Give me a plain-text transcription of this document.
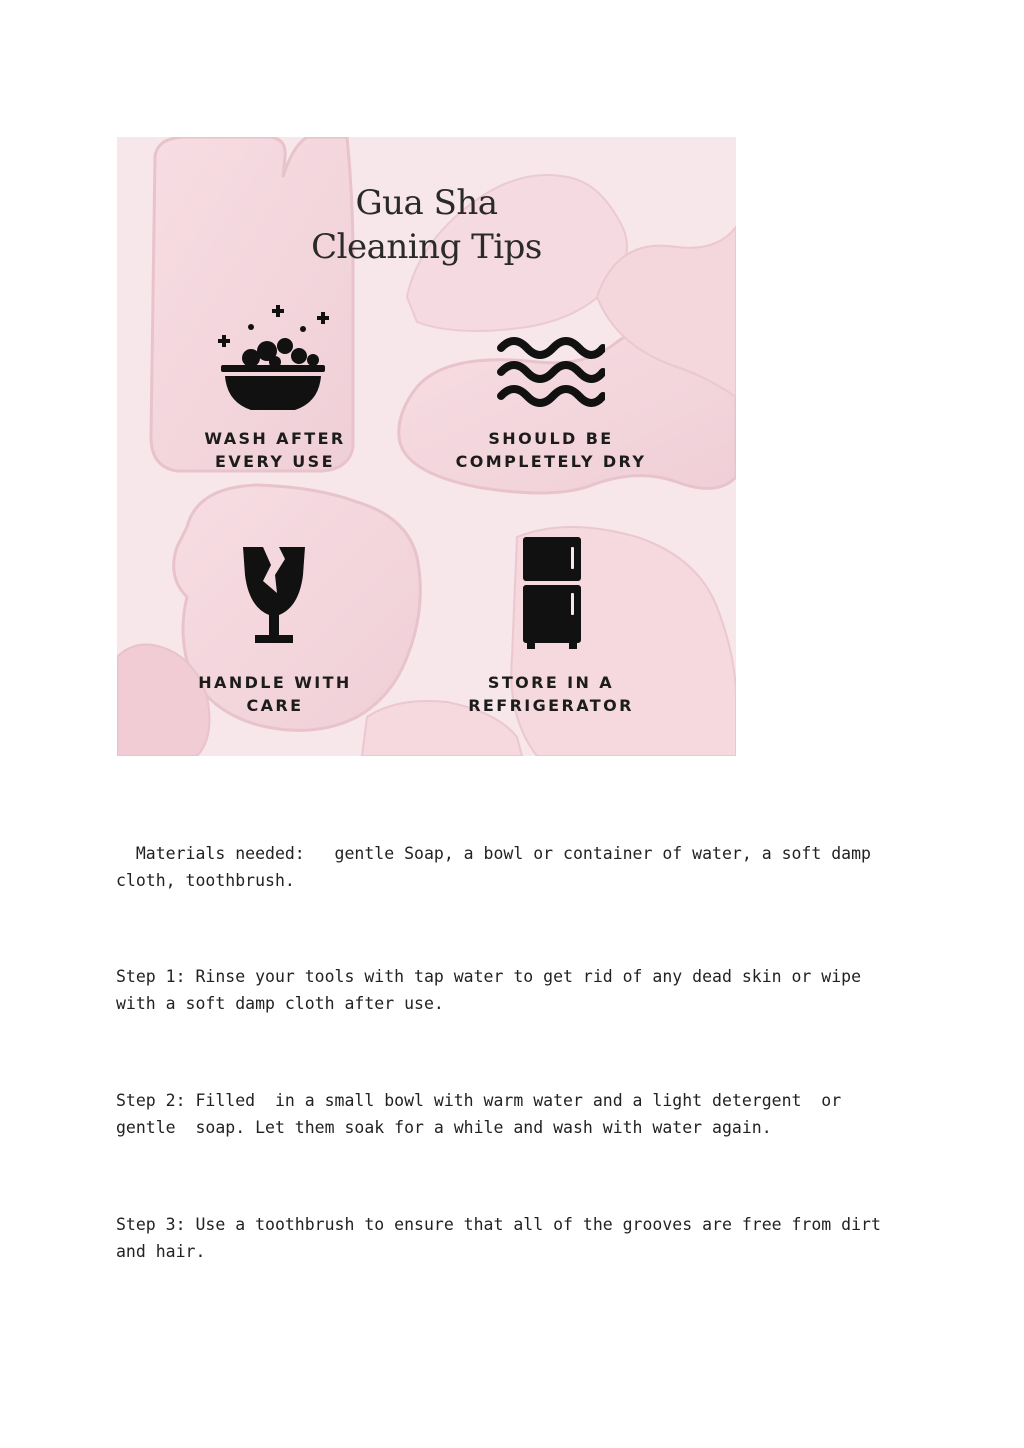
Gua Sha
Cleaning Tips
WASH AFTER
EVERY USE
SHOULD BE
COMPLETELY DRY
HANDLE WITH
CARE
STORE IN A
REFRIGERATOR
Materials needed:   gentle Soap, a bowl or container of water, a soft damp
cloth, toothbrush.
Step 1: Rinse your tools with tap water to get rid of any dead skin or wipe
with a soft damp cloth after use.
Step 2: Filled  in a small bowl with warm water and a light detergent  or
gentle  soap. Let them soak for a while and wash with water again.
Step 3: Use a toothbrush to ensure that all of the grooves are free from dirt
and hair.
